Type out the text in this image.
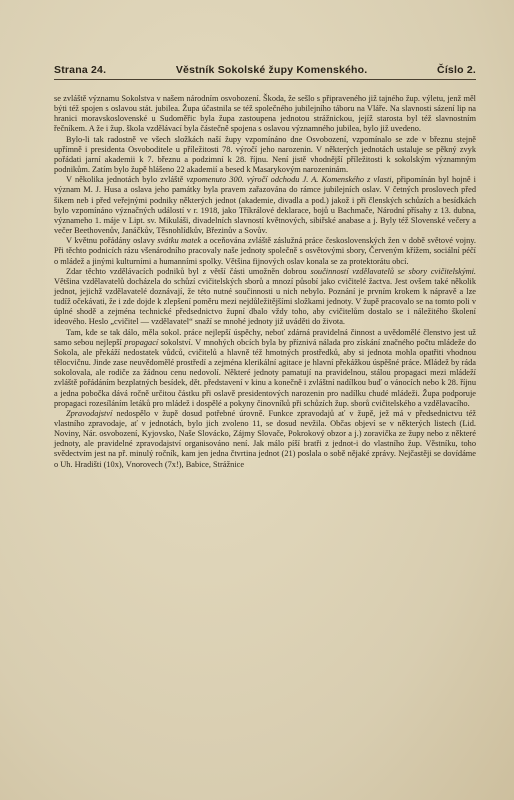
Strana 24.	Věstník Sokolské župy Komenského.	Číslo 2.

se zvláště významu Sokolstva v našem národním osvobození. Škoda, že sešlo s připraveného již tajného žup. výletu, jenž měl býti též spojen s oslavou stát. jubilea. Župa účastnila se též společného jubilejního táboru na Vláře. Na slavnosti sázení lip na hranici moravskoslovenské u Sudoměřic byla župa zastoupena jednotou strážnickou, jejíž starosta byl též slavnostním řečníkem. A že i žup. škola vzdělávací byla částečně spojena s oslavou významného jubilea, bylo již uvedeno.

Bylo-li tak radostně ve všech složkách naší župy vzpomínáno dne Osvobození, vzpomínalo se zde v březnu stejně upřímně i presidenta Osvoboditele u příležitosti 78. výročí jeho narozenin. V některých jednotách ustaluje se pěkný zvyk pořádati jarní akademii k 7. březnu a podzimní k 28. říjnu. Není jistě vhodnější příležitosti k sokolským významným podnikům. Zatím bylo župě hlášeno 22 akademií a besed k Masarykovým narozeninám.

V několika jednotách bylo zvláště vzpomenuto 300. výročí odchodu J. A. Komenského z vlasti, připomínán byl hojně i význam M. J. Husa a oslava jeho památky byla pravem zařazována do rámce jubilejních oslav. V četných proslovech před šikem neb i před veřejnými podniky některých jednot (akademie, divadla a pod.) jakož i při členských schůzích a besídkách bylo vzpomínáno význačných událostí v r. 1918, jako Tříkrálové deklarace, bojů u Bachmače, Národní přísahy z 13. dubna, význameho 1. máje v Lipt. sv. Mikuláši, divadelních slavností květnových, sibiřské anabase a j. Byly též Slovenské večery a večer Beethovenův, Janáčkův, Těsnohlídkův, Březinův a Sovův.

V květnu pořádány oslavy svátku matek a oceňována zvláště záslužná práce československých žen v době světové vojny. Při těchto podnicích rázu všenárodního pracovaly naše jednoty společně s osvětovými sbory, Červeným křížem, sociální péčí o mládež a jinými kulturními a humanními spolky. Většina fijnových oslav konala se za protektorátu obcí.

Zdar těchto vzdělávacích podniků byl z větší části umožněn dobrou součinností vzdělavatelů se sbory cvičitelskými. Většina vzdělavatelů docházela do schůzí cvičitelských sborů a mnozí působí jako cvičitelé žactva. Jest ovšem také několik jednot, jejichž vzdělavatelé doznávají, že této nutné součinnosti u nich nebylo. Poznání je prvním krokem k nápravě a lze tudíž očekávati, že i zde dojde k zlepšení poměru mezi nejdůležitějšími složkami jednoty. V župě pracovalo se na tomto poli v úplné shodě a zejména technické předsednictvo župní dbalo vždy toho, aby cvičitelům dostalo se i náležitého školení ideového. Heslo „cvičitel — vzdělavatel“ snaží se mnohé jednoty již uváděti do života.

Tam, kde se tak dálo, měla sokol. práce nejlepší úspěchy, neboť zdárná pravidelná činnost a uvědomělé členstvo jest už samo sebou nejlepší propagací sokolství. V mnohých obcích byla by příznivá nálada pro získání značného počtu mládeže do Sokola, ale překáží nedostatek vůdců, cvičitelů a hlavně též hmotných prostředků, aby si jednota mohla opatřiti vhodnou tělocvičnu. Jinde zase neuvědomělé prostředí a zejména klerikální agitace je hlavní překážkou úspěšné práce. Mládež by ráda sokolovala, ale rodiče za žádnou cenu nedovolí. Některé jednoty pamatují na pravidelnou, stálou propagaci mezi mládeží zvláště pořádáním bezplatných besídek, dět. představení v kinu a konečně i zvláštní nadílkou buď o vánocích nebo k 28. říjnu a jedna pobočka dává ročně určitou částku při oslavě presidentových narozenin pro nadílku chudé mládeži. Župa podporuje propagaci rozesíláním letáků pro mládež i dospělé a pokyny činovníků při schůzích žup. sborů cvičitelského a vzdělavacího.

Zpravodajství nedospělo v župě dosud potřebné úrovně. Funkce zpravodajů ať v župě, jež má v předsednictvu též vlastního zpravodaje, ať v jednotách, bylo jich zvoleno 11, se dosud nevžila. Občas objeví se v některých listech (Lid. Noviny, Nár. osvobození, Kyjovsko, Naše Slovácko, Zájmy Slovače, Pokrokový obzor a j.) zoravička ze župy nebo z některé jednoty, ale pravidelné zpravodajství organisováno není. Jak málo píší bratři z jednot-i do vlastního žup. Věstníku, toho svědectvím jest na př. minulý ročník, kam jen jedna čtvrtina jednot (21) poslala o sobě nějaké zprávy. Nejčastěji se dovídáme o Uh. Hradišti (10x), Vnorovech (7x!), Babice, Strážnice
